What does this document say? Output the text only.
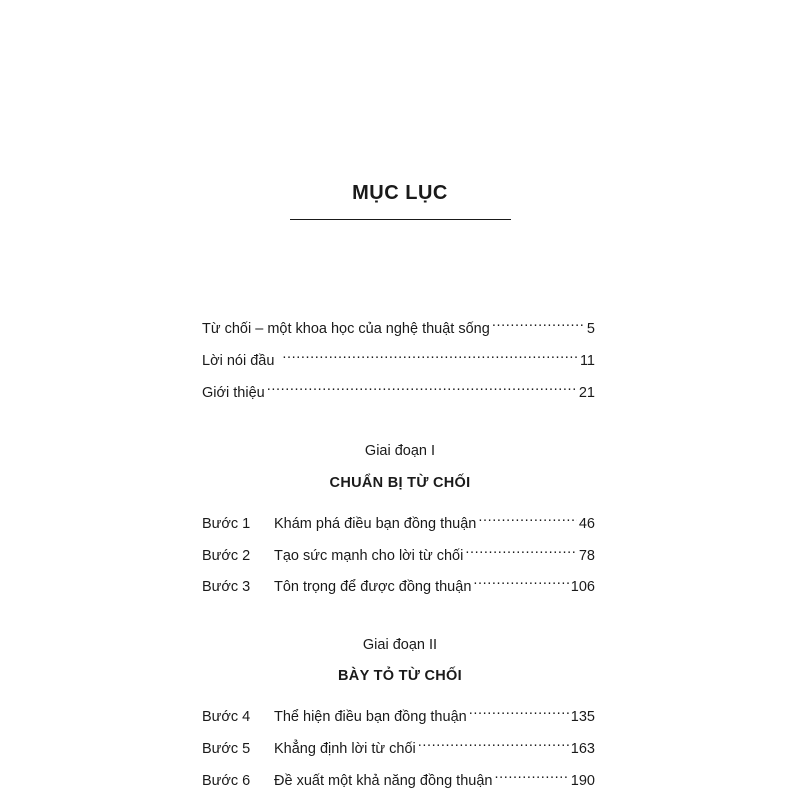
MỤC LỤC
Từ chối – một khoa học của nghệ thuật sống .....	5
Lời nói đầu .....	11
Giới thiệu .....	21
Giai đoạn I
CHUẨN BỊ TỪ CHỐI
Bước 1	Khám phá điều bạn đồng thuận .....	46
Bước 2	Tạo sức mạnh cho lời từ chối .....	78
Bước 3	Tôn trọng để được đồng thuận .....	106
Giai đoạn II
BÀY TỎ TỪ CHỐI
Bước 4	Thể hiện điều bạn đồng thuận .....	135
Bước 5	Khẳng định lời từ chối .....	163
Bước 6	Đề xuất một khả năng đồng thuận .....	190
